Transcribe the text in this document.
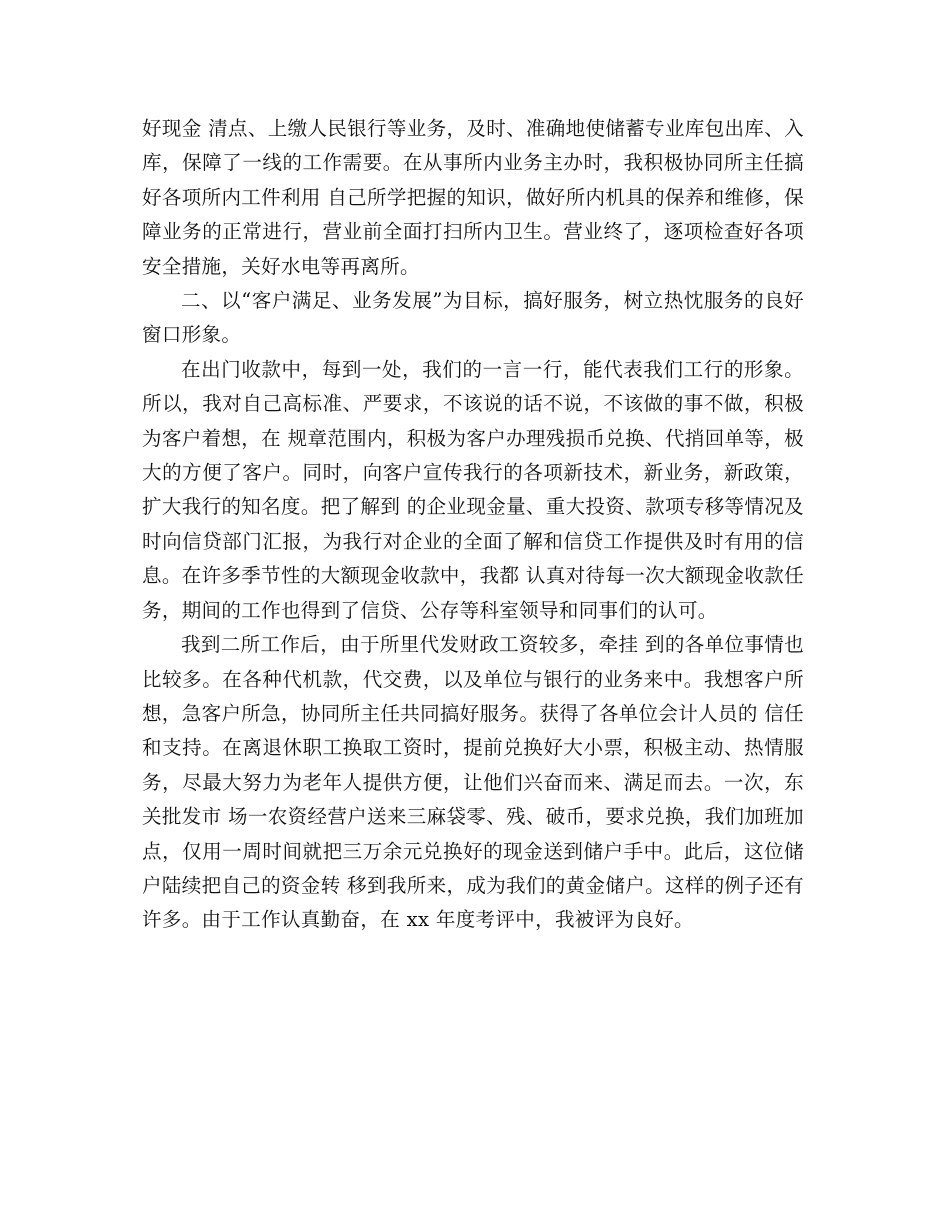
好现金 清点、上缴人民银行等业务，及时、准确地使储蓄专业库包出库、入库，保障了一线的工作需要。在从事所内业务主办时，我积极协同所主任搞好各项所内工件利用 自己所学把握的知识，做好所内机具的保养和维修，保障业务的正常进行，营业前全面打扫所内卫生。营业终了，逐项检查好各项安全措施，关好水电等再离所。

二、以“客户满足、业务发展”为目标，搞好服务，树立热忱服务的良好窗口形象。

在出门收款中，每到一处，我们的一言一行，能代表我们工行的形象。所以，我对自己高标准、严要求，不该说的话不说，不该做的事不做，积极为客户着想，在 规章范围内，积极为客户办理残损币兑换、代捎回单等，极大的方便了客户。同时，向客户宣传我行的各项新技术，新业务，新政策，扩大我行的知名度。把了解到 的企业现金量、重大投资、款项专移等情况及时向信贷部门汇报，为我行对企业的全面了解和信贷工作提供及时有用的信息。在许多季节性的大额现金收款中，我都 认真对待每一次大额现金收款任务，期间的工作也得到了信贷、公存等科室领导和同事们的认可。

我到二所工作后，由于所里代发财政工资较多，牵挂 到的各单位事情也比较多。在各种代机款，代交费，以及单位与银行的业务来中。我想客户所想，急客户所急，协同所主任共同搞好服务。获得了各单位会计人员的 信任和支持。在离退休职工换取工资时，提前兑换好大小票，积极主动、热情服务，尽最大努力为老年人提供方便，让他们兴奋而来、满足而去。一次，东关批发市 场一农资经营户送来三麻袋零、残、破币，要求兑换，我们加班加点，仅用一周时间就把三万余元兑换好的现金送到储户手中。此后，这位储户陆续把自己的资金转 移到我所来，成为我们的黄金储户。这样的例子还有许多。由于工作认真勤奋，在 xx 年度考评中，我被评为良好。
